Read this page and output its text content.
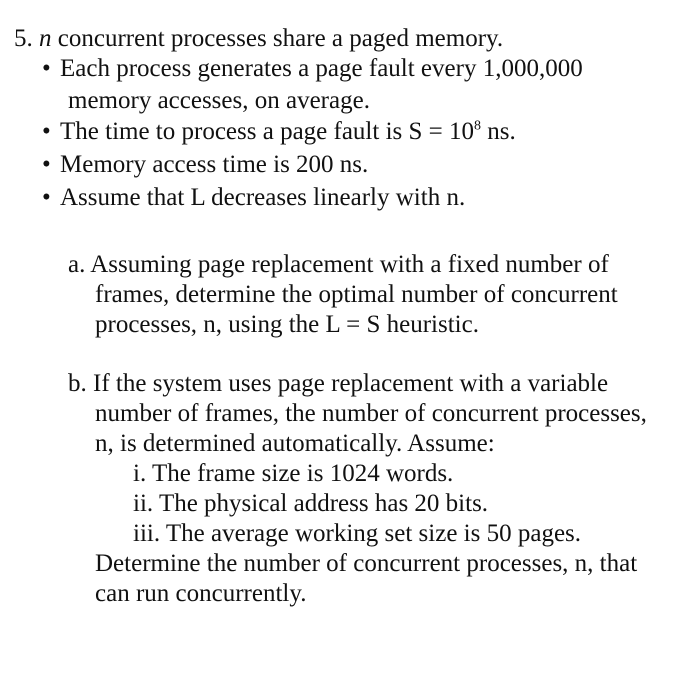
5. n concurrent processes share a paged memory.
• Each process generates a page fault every 1,000,000
memory accesses, on average.
• The time to process a page fault is $S = 10^8$ ns.
• Memory access time is 200 ns.
• Assume that L decreases linearly with n.
a. Assuming page replacement with a fixed number of
frames, determine the optimal number of concurrent
processes, n, using the L = S heuristic.
b. If the system uses page replacement with a variable
number of frames, the number of concurrent processes,
n, is determined automatically. Assume:
i. The frame size is 1024 words.
ii. The physical address has 20 bits.
iii. The average working set size is 50 pages.
Determine the number of concurrent processes, n, that
can run concurrently.
